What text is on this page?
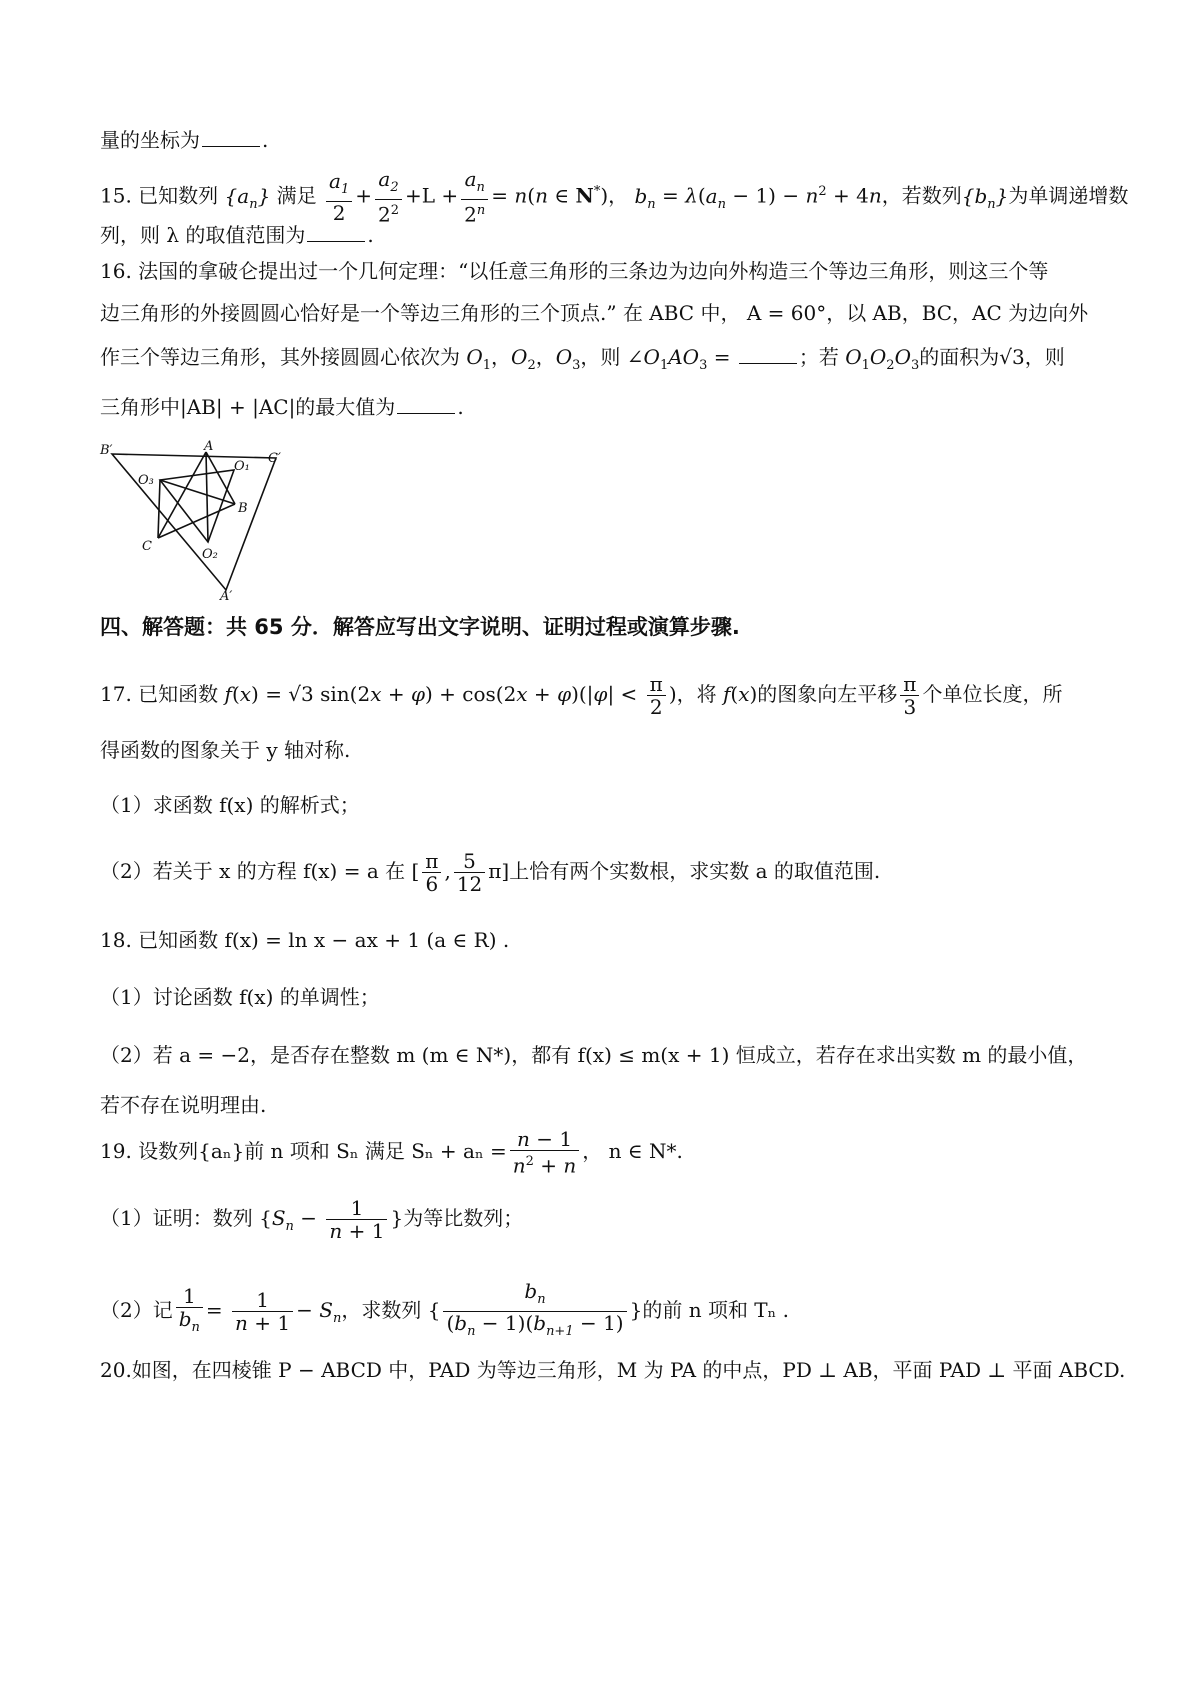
量的坐标为	.
15. 已知数列 $\{a_n\}$ 满足 $\frac{a_1}{2} + \frac{a_2}{2^2} +L + \frac{a_n}{2^n} = n(n$ ∈ N*)， $b_n = \lambda(a_n - 1) - n^2 + 4n$，若数列$\{b_n\}$为单调递增数
列，则 λ 的取值范围为	.
16. 法国的拿破仑提出过一个几何定理：“以任意三角形的三条边为边向外构造三个等边三角形，则这三个等
边三角形的外接圆圆心恰好是一个等边三角形的三个顶点.” 在 ABC 中， A = 60°，以 AB，BC，AC 为边向外
作三个等边三角形，其外接圆圆心依次为 $O_1$，$O_2$，$O_3$，则 $\angle O_1AO_3$ =	；若 $O_1O_2O_3$的面积为√3，则
三角形中|AB| + |AC|的最大值为	.
B′	A
O₁
C′
O₃
B
C
O₂
A′
四、解答题：共 65 分．解答应写出文字说明、证明过程或演算步骤.
17. 已知函数 f(x) = √3 $\sin(2x + \varphi) + \cos(2x + \varphi)(|\varphi| < \frac{\pi}{2}$ )，将 f(x)的图象向左平移 $\frac{\pi}{3}$ 个单位长度，所
得函数的图象关于 y 轴对称.
（1）求函数 f(x) 的解析式；
（2）若关于 x 的方程 f(x) = a 在 [ $\frac{\pi}{6}$ , $\frac{5}{12} \pi$]上恰有两个实数根，求实数 a 的取值范围.
18. 已知函数 f(x) = ln x − ax + 1 (a ∈ R) .
（1）讨论函数 f(x) 的单调性；
（2）若 a = −2，是否存在整数 m (m ∈ N*)，都有 f(x) ≤ m(x + 1) 恒成立，若存在求出实数 m 的最小值，
若不存在说明理由.
19. 设数列{aₙ}前 n 项和 Sₙ 满足 $S_n + a_n = \frac{n - 1}{n^2 + n}$ ， n ∈ N*.
（1）证明：数列 {$S_n - \frac{1}{n + 1}$ }为等比数列；
（2）记 $\frac{1}{b_n} = \frac{1}{n + 1} - S_n$，求数列 { $\frac{b_n}{(b_n - 1)(b_{n+1} - 1)}$ }的前 n 项和 Tₙ .
20.如图，在四棱锥 P − ABCD 中，PAD 为等边三角形，M 为 PA 的中点，PD ⊥ AB，平面 PAD ⊥ 平面 ABCD.
